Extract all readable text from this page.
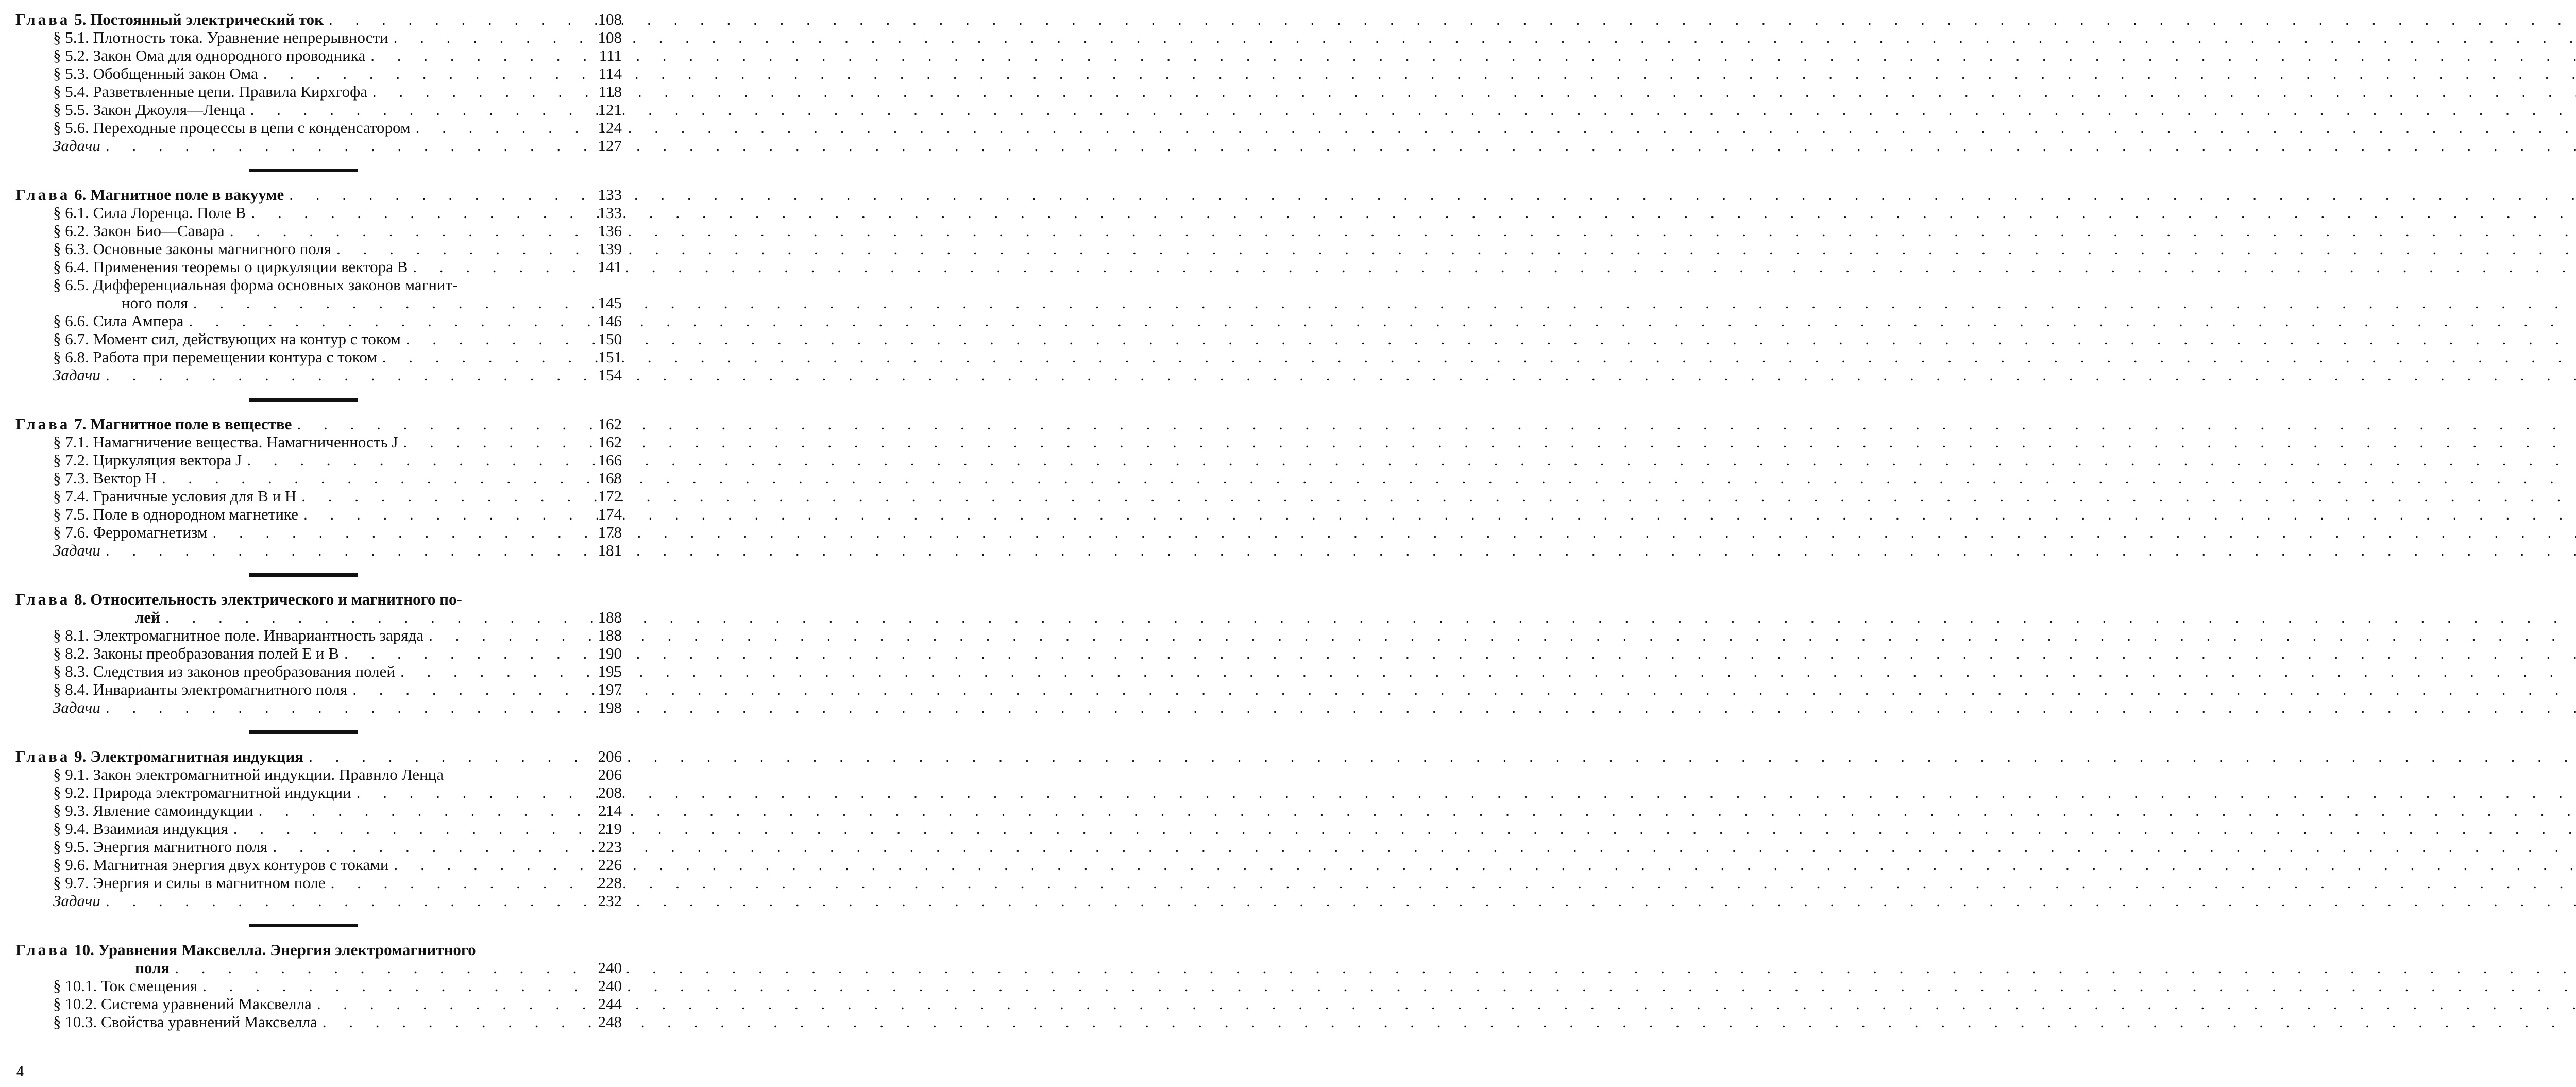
Глава 5. Постоянный электрический ток . . .	108
§ 5.1. Плотность тока. Уравнение непрерывности . . .	108
§ 5.2. Закон Ома для однородного проводника . . .	111
§ 5.3. Обобщенный закон Ома . . .	114
§ 5.4. Разветвленные цепи. Правила Кирхгофа . . .	118
§ 5.5. Закон Джоуля—Ленца . . .	121
§ 5.6. Переходные процессы в цепи с конденсатором . . .	124
Задачи . . .	127
Глава 6. Магнитное поле в вакууме . . .	133
§ 6.1. Сила Лоренца. Поле B . . .	133
§ 6.2. Закон Био—Савара . . .	136
§ 6.3. Основные законы магнигного поля . . .	139
§ 6.4. Применения теоремы о циркуляции вектора B . . .	141
§ 6.5. Дифференциальная форма основных законов магнит-
ного поля . . .	145
§ 6.6. Сила Ампера . . .	146
§ 6.7. Момент сил, действующих на контур с током . . .	150
§ 6.8. Работа при перемещении контура с током . . .	151
Задачи . . .	154
Глава 7. Магнитное поле в веществе . . .	162
§ 7.1. Намагничение вещества. Намагниченность J . . .	162
§ 7.2. Циркуляция вектора J . . .	166
§ 7.3. Вектор H . . .	168
§ 7.4. Граничные условия для B и H . . .	172
§ 7.5. Поле в однородном магнетике . . .	174
§ 7.6. Ферромагнетизм . . .	178
Задачи . . .	181
Глава 8. Относительность электрического и магнитного по-
лей . . .	188
§ 8.1. Электромагнитное поле. Инвариантность заряда . . .	188
§ 8.2. Законы преобразования полей E и B . . .	190
§ 8.3. Следствия из законов преобразования полей . . .	195
§ 8.4. Инварианты электромагнитного поля . . .	197
Задачи . . .	198
Глава 9. Электромагнитная индукция . . .	206
§ 9.1. Закон электромагнитной индукции. Правнло Ленца	206
§ 9.2. Природа электромагнитной индукции . . .	208
§ 9.3. Явление самоиндукции . . .	214
§ 9.4. Взаимиая индукция . . .	219
§ 9.5. Энергия магнитного поля . . .	223
§ 9.6. Магнитная энергия двух контуров с токами . . .	226
§ 9.7. Энергия и силы в магнитном поле . . .	228
Задачи . . .	232
Глава 10. Уравнения Максвелла. Энергия электромагнитного
поля . . .	240
§ 10.1. Ток смещения . . .	240
§ 10.2. Система уравнений Максвелла . . .	244
§ 10.3. Свойства уравнений Максвелла . . .	248
4
